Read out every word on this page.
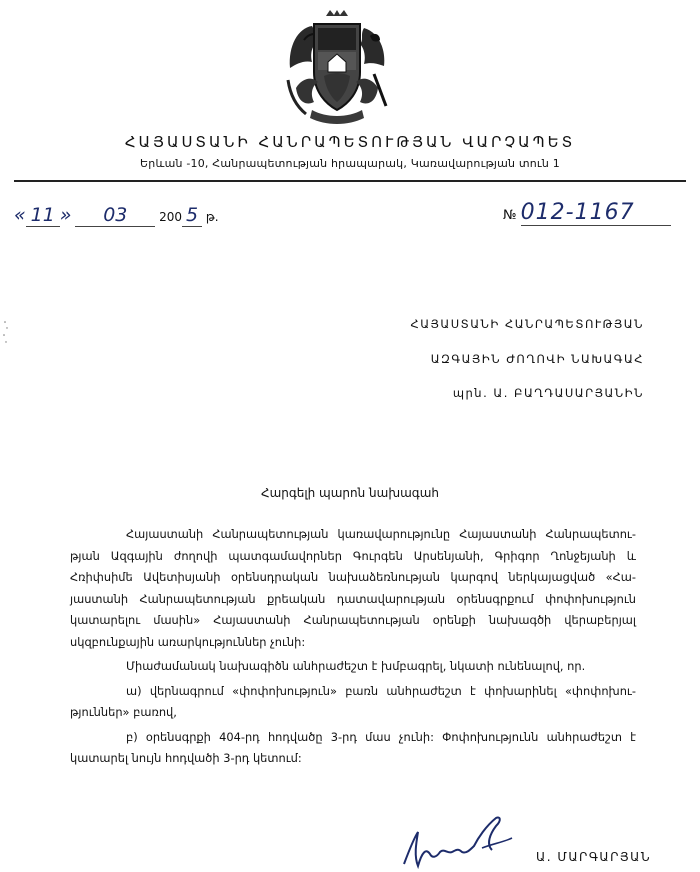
ՀԱՅԱՍՏԱՆԻ ՀԱՆՐԱՊԵՏՈՒԹՅԱՆ ՎԱՐՉԱՊԵՏ
Երևան -10, Հանրապետության հրապարակ, Կառավարության տուն 1
« 11 » 03	200 5 թ.	№ 012-1167
ՀԱՅԱՍՏԱՆԻ ՀԱՆՐԱՊԵՏՈՒԹՅԱՆ
ԱԶԳԱՅԻՆ ԺՈՂՈՎԻ ՆԱԽԱԳԱՀ
պրն. Ա. ԲԱՂԴԱՍԱՐՅԱՆԻՆ
Հարգելի պարոն նախագահ

Հայաստանի Հանրապետության կառավարությունը Հայաստանի Հանրապետու-թյան Ազգային ժողովի պատգամավորներ Գուրգեն Արսենյանի, Գրիգոր Ղոնջեյանի և Հռիփսիմե Ավետիսյանի օրենսդրական նախաձեռնության կարգով ներկայացված «Հա-յաստանի Հանրապետության քրեական դատավարության օրենսգրքում փոփոխություն կատարելու մասին» Հայաստանի Հանրապետության օրենքի նախագծի վերաբերյալ սկզբունքային առարկություններ չունի:

Միաժամանակ նախագիծն անհրաժեշտ է խմբագրել, նկատի ունենալով, որ.

ա) վերնագրում «փոփոխություն» բառն անհրաժեշտ է փոխարինել «փոփոխու-թյուններ» բառով,

բ) օրենսգրքի 404-րդ հոդվածը 3-րդ մաս չունի: Փոփոխությունն անհրաժեշտ է կատարել նույն հոդվածի 3-րդ կետում:

Ա. ՄԱՐԳԱՐՅԱՆ
